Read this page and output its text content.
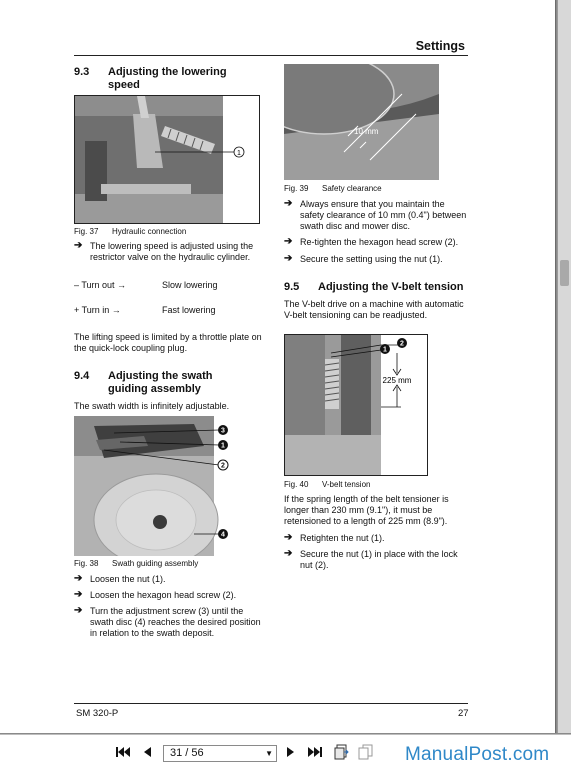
Settings
9.3 Adjusting the lowering
speed
1
Fig. 37 Hydraulic connection
➔ The lowering speed is adjusted using the restrictor valve on the hydraulic cylinder.
– Turn out →	Slow lowering
+ Turn in →	Fast lowering
The lifting speed is limited by a throttle plate on the quick-lock coupling plug.
9.4 Adjusting the swath
guiding assembly
The swath width is infinitely adjustable.
3
1
2
4
Fig. 38 Swath guiding assembly
➔ Loosen the nut (1).
➔ Loosen the hexagon head screw (2).
➔ Turn the adjustment screw (3) until the swath disc (4) reaches the desired position in relation to the swath deposit.
10 mm
Fig. 39 Safety clearance
➔ Always ensure that you maintain the safety clearance of 10 mm (0.4") between swath disc and mower disc.
➔ Re-tighten the hexagon head screw (2).
➔ Secure the setting using the nut (1).
9.5 Adjusting the V-belt tension
The V-belt drive on a machine with automatic V-belt tensioning can be readjusted.
2
1
225 mm
Fig. 40 V-belt tension
If the spring length of the belt tensioner is longer than 230 mm (9.1"), it must be retensioned to a length of 225 mm (8.9").
➔ Retighten the nut (1).
➔ Secure the nut (1) in place with the lock nut (2).
SM 320-P	27
31 / 56	▼	ManualPost.com
